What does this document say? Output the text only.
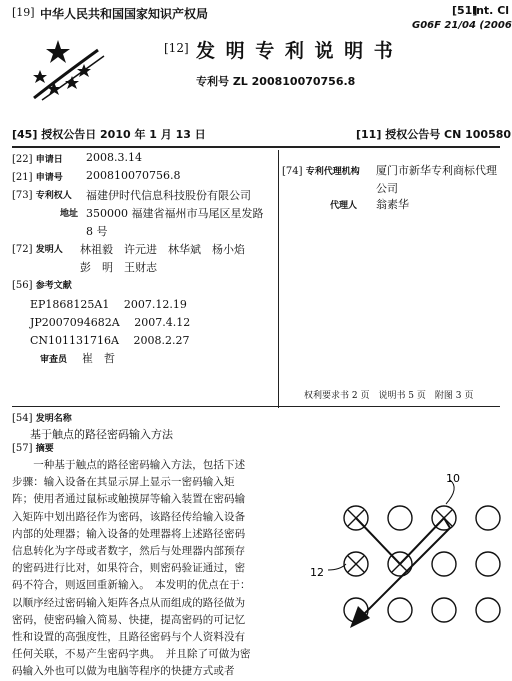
[19] 中华人民共和国国家知识产权局	[51]
Int. Cl
G06F 21/04 (2006
[12] 发 明 专 利 说 明 书
专利号 ZL 200810070756.8
[45] 授权公告日 2010 年 1 月 13 日	[11] 授权公告号 CN 100580
[22] 申请日 2008.3.14
[21] 申请号 200810070756.8
[73] 专利权人 福建伊时代信息科技股份有限公司
地址 350000 福建省福州市马尾区星发路
8 号
[72] 发明人 林祖毅　许元进　林华斌　杨小焰
彭　明　王财志
[56] 参考文献
EP1868125A1　 2007.12.19
JP2007094682A　 2007.4.12
CN101131716A　 2008.2.27
审查员 崔　哲
[74] 专利代理机构 厦门市新华专利商标代理
公司
代理人 翁素华
权利要求书 2 页　说明书 5 页　附图 3 页
[54] 发明名称
基于触点的路径密码输入方法
[57] 摘要
　　一种基于触点的路径密码输入方法，包括下述
步骤：输入设备在其显示屏上显示一密码输入矩
阵；使用者通过鼠标或触摸屏等输入装置在密码输
入矩阵中划出路径作为密码，该路径传给输入设备
内部的处理器；输入设备的处理器将上述路径密码
信息转化为字母或者数字，然后与处理器内部预存
的密码进行比对，如果符合，则密码验证通过，密
码不符合，则返回重新输入。　本发明的优点在于：
以顺序经过密码输入矩阵各点从而组成的路径做为
密码，使密码输入简易、快捷，提高密码的可记忆
性和设置的高强度性，且路径密码与个人资料没有
任何关联，不易产生密码字典。　并且除了可做为密
码输入外也可以做为电脑等程序的快捷方式或者
10
12
